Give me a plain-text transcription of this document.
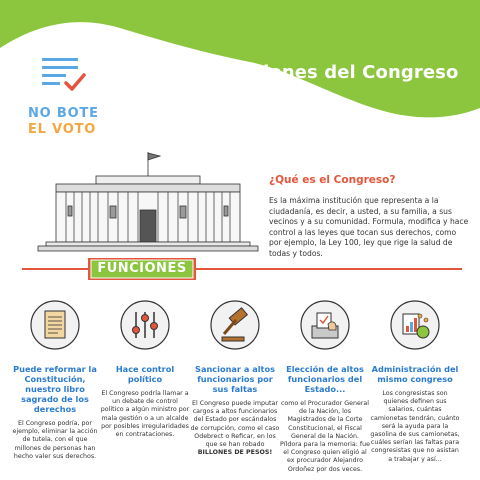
Funciones del Congreso
NO BOTE
EL VOTO
¿Qué es el Congreso?
Es la máxima institución que representa a la ciudadanía, es decir, a usted, a su familia, a sus vecinos y a su comunidad. Formula, modifica y hace control a las leyes que tocan sus derechos, como por ejemplo, la Ley 100, ley que rige la salud de todas y todos.
FUNCIONES
Puede reformar la Constitución, nuestro libro sagrado de los derechos
El Congreso podría, por ejemplo, eliminar la acción de tutela, con el que millones de personas han hecho valer sus derechos.
Hace control político
El Congreso podría llamar a un debate de control político a algún ministro por mala gestión o a un alcalde por posibles irregularidades en contrataciones.
Sancionar a altos funcionarios por sus faltas
El Congreso puede imputar cargos a altos funcionarios del Estado por escándalos de corrupción, como el caso Odebrect o Reficar, en los que se han robado BILLONES DE PESOS!
Elección de altos funcionarios del Estado...
como el Procurador General de la Nación, los Magistrados de la Corte Constitucional, el Fiscal General de la Nación. Píldora para la memoria: fue el Congreso quien eligió al ex procurador Alejandro Ordoñez por dos veces.
Administración del mismo congreso
Los congresistas son quienes definen sus salarios, cuántas camionetas tendrán, cuánto será la ayuda para la gasolina de sus camionetas, cuáles serían las faltas para congresistas que no asistan a trabajar y así...
